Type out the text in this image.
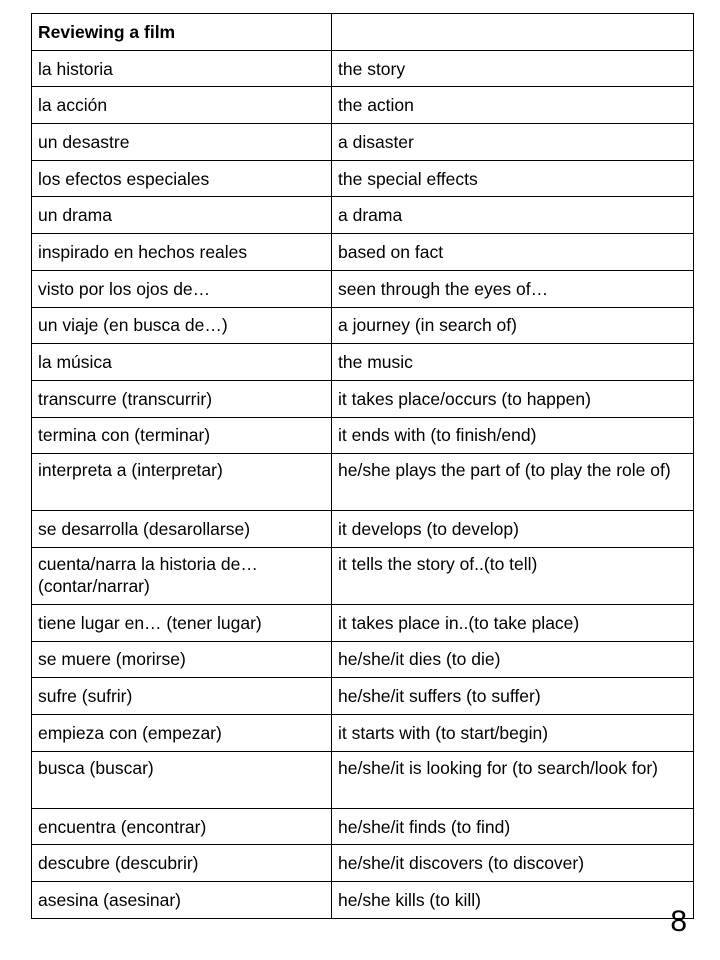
Reviewing a film	
la historia	the story
la acción	the action
un desastre	a disaster
los efectos especiales	the special effects
un drama	a drama
inspirado en hechos reales	based on fact
visto por los ojos de…	seen through the eyes of…
un viaje (en busca de…)	a journey (in search of)
la música	the music
transcurre (transcurrir)	it takes place/occurs (to happen)
termina con (terminar)	it ends with (to finish/end)
interpreta a (interpretar)	he/she plays the part of (to play the role of)
se desarrolla (desarollarse)	it develops (to develop)
cuenta/narra la historia de… (contar/narrar)	it tells the story of..(to tell)
tiene lugar en… (tener lugar)	it takes place in..(to take place)
se muere (morirse)	he/she/it dies (to die)
sufre (sufrir)	he/she/it suffers (to suffer)
empieza con (empezar)	it starts with (to start/begin)
busca (buscar)	he/she/it is looking for (to search/look for)
encuentra (encontrar)	he/she/it finds (to find)
descubre (descubrir)	he/she/it discovers (to discover)
asesina (asesinar)	he/she kills (to kill)
8
